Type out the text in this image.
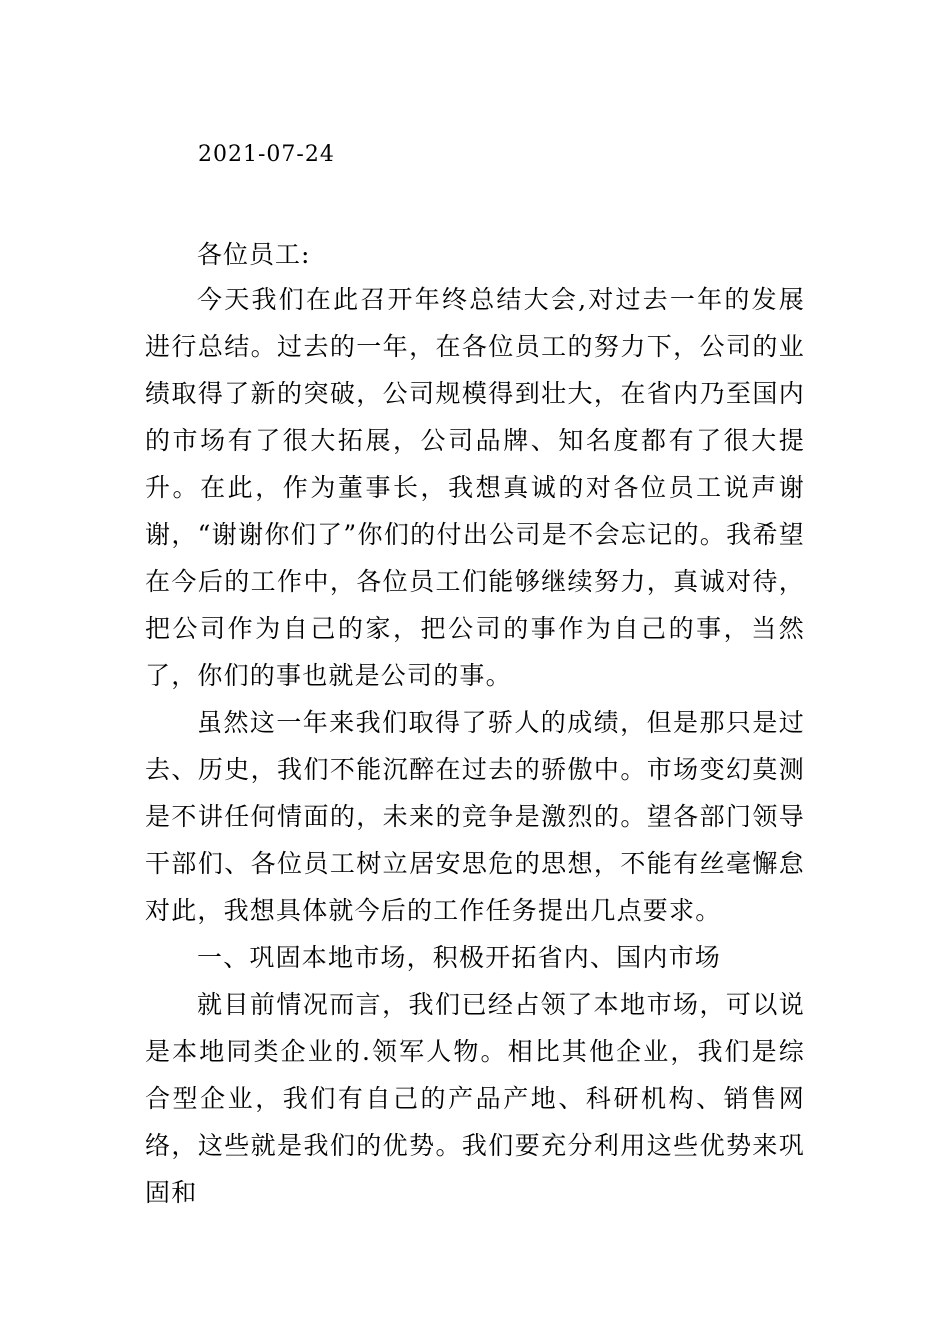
2021-07-24
各位员工:

今天我们在此召开年终总结大会,对过去一年的发展进行总结。过去的一年，在各位员工的努力下，公司的业绩取得了新的突破，公司规模得到壮大，在省内乃至国内的市场有了很大拓展，公司品牌、知名度都有了很大提升。在此，作为董事长，我想真诚的对各位员工说声谢谢，“谢谢你们了”你们的付出公司是不会忘记的。我希望在今后的工作中，各位员工们能够继续努力，真诚对待，把公司作为自己的家，把公司的事作为自己的事，当然了，你们的事也就是公司的事。

虽然这一年来我们取得了骄人的成绩，但是那只是过去、历史，我们不能沉醉在过去的骄傲中。市场变幻莫测是不讲任何情面的，未来的竞争是激烈的。望各部门领导干部们、各位员工树立居安思危的思想，不能有丝毫懈怠对此，我想具体就今后的工作任务提出几点要求。

一、巩固本地市场，积极开拓省内、国内市场

就目前情况而言，我们已经占领了本地市场，可以说是本地同类企业的.领军人物。相比其他企业，我们是综合型企业，我们有自己的产品产地、科研机构、销售网络，这些就是我们的优势。我们要充分利用这些优势来巩固和
